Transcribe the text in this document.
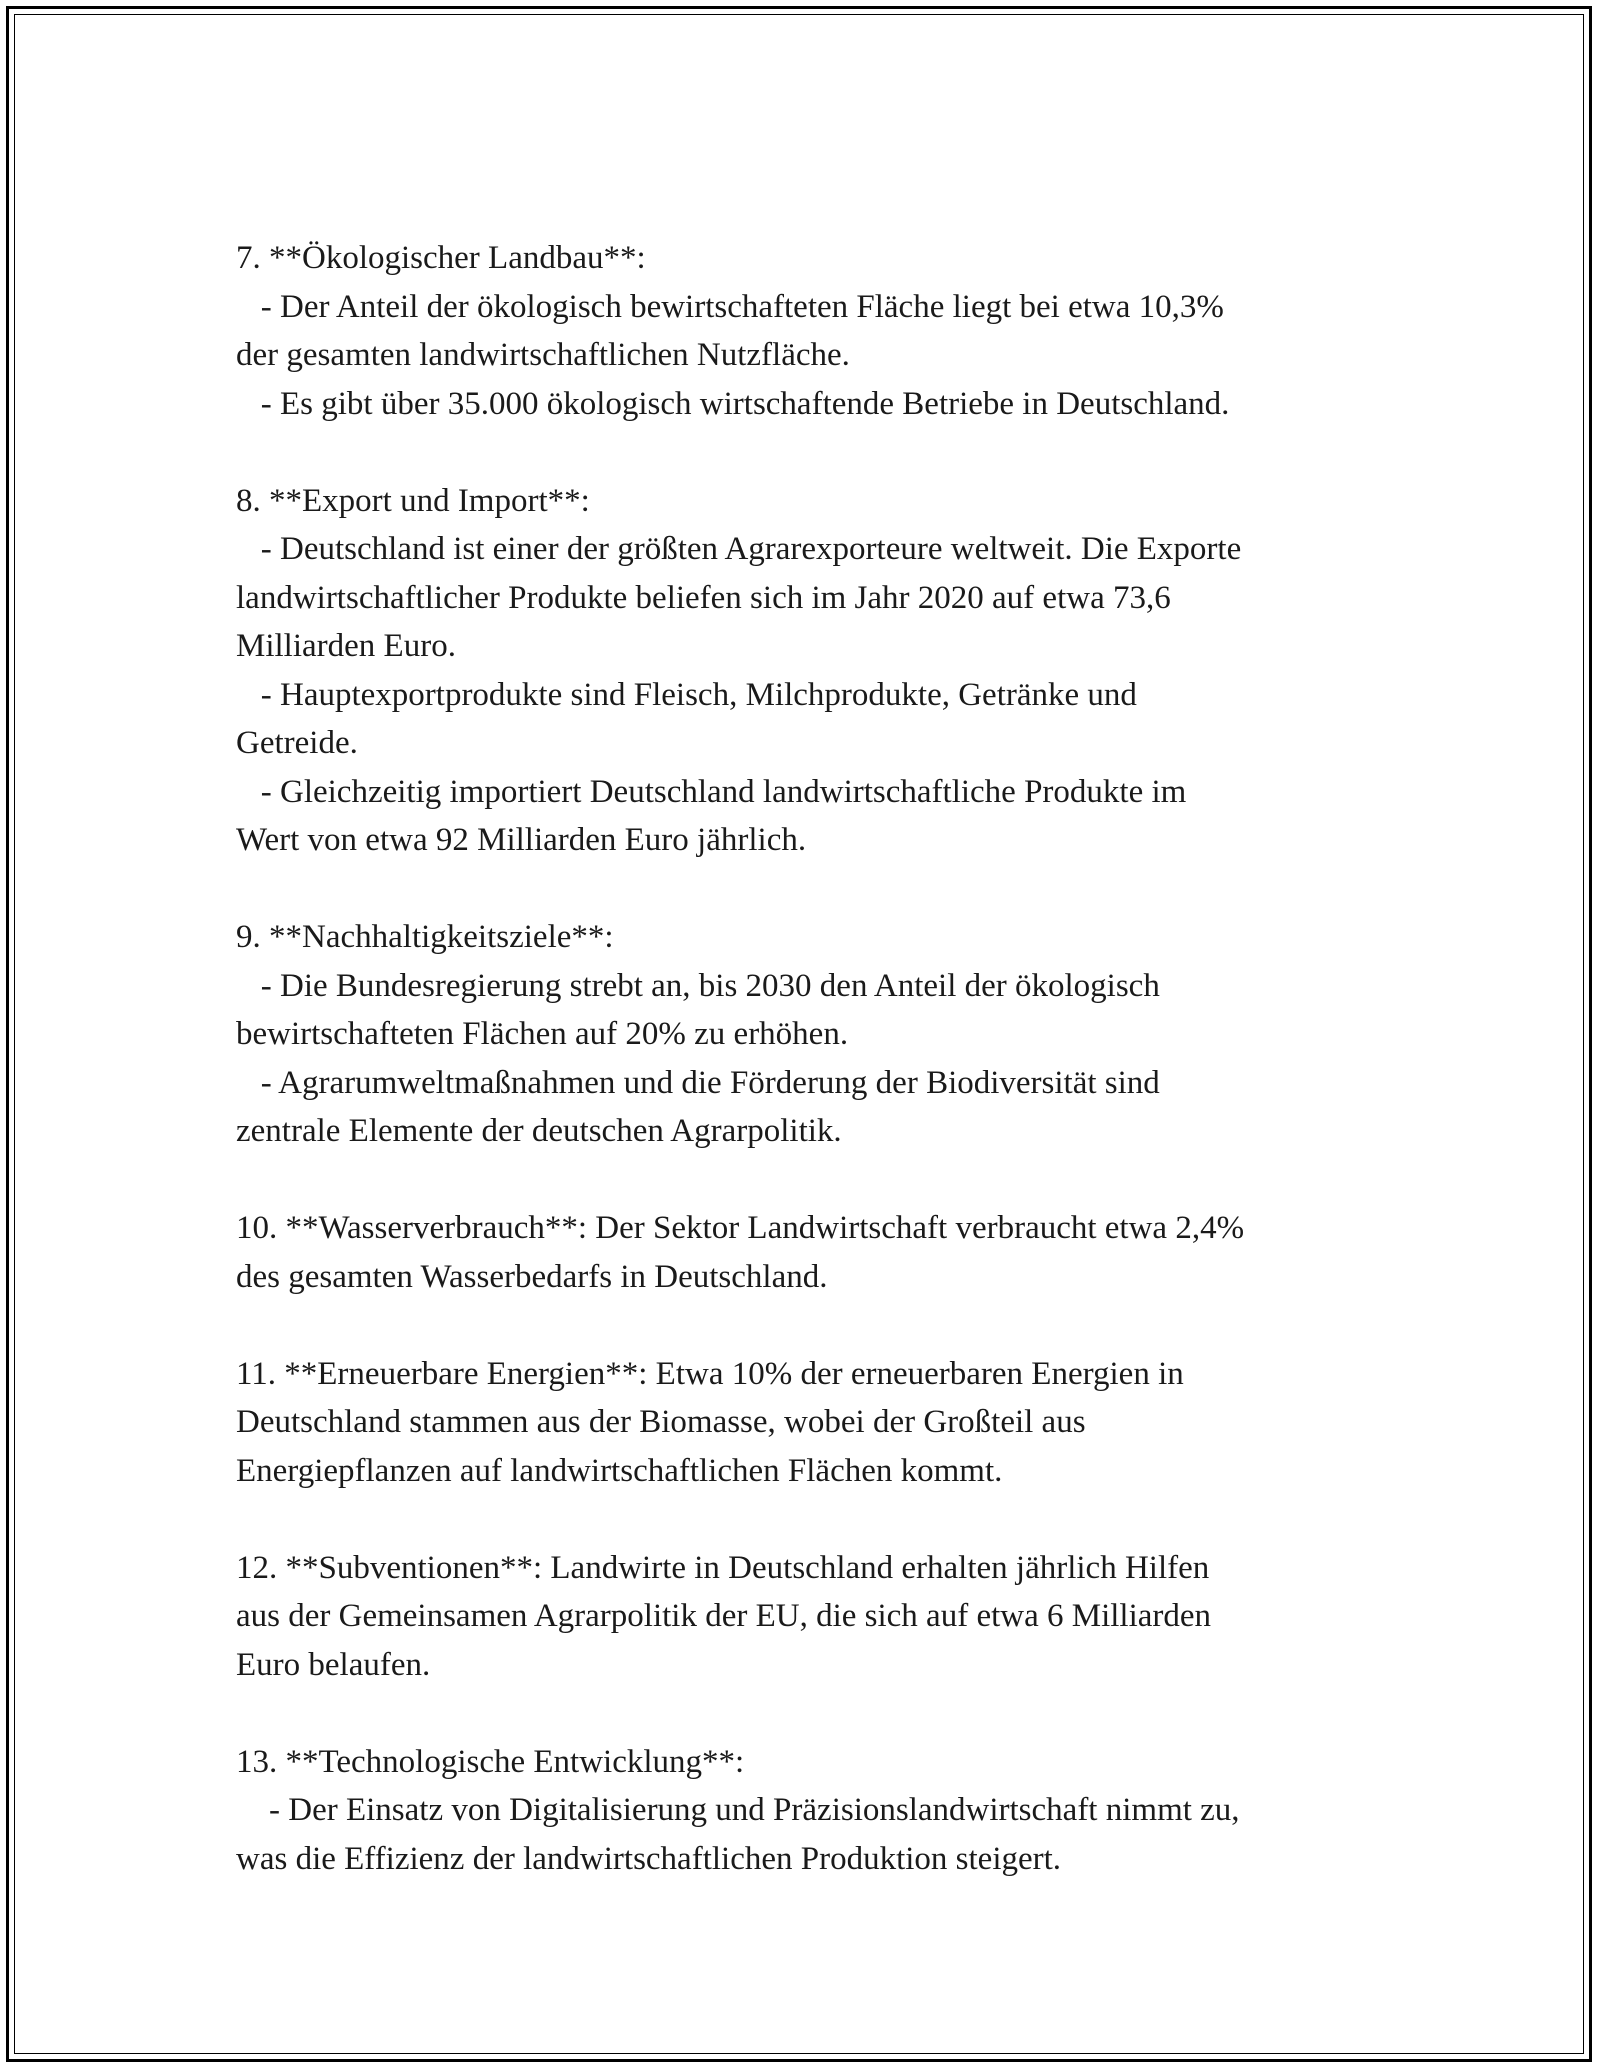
7. **Ökologischer Landbau**:
- Der Anteil der ökologisch bewirtschafteten Fläche liegt bei etwa 10,3%
der gesamten landwirtschaftlichen Nutzfläche.
- Es gibt über 35.000 ökologisch wirtschaftende Betriebe in Deutschland.
8. **Export und Import**:
- Deutschland ist einer der größten Agrarexporteure weltweit. Die Exporte
landwirtschaftlicher Produkte beliefen sich im Jahr 2020 auf etwa 73,6
Milliarden Euro.
- Hauptexportprodukte sind Fleisch, Milchprodukte, Getränke und
Getreide.
- Gleichzeitig importiert Deutschland landwirtschaftliche Produkte im
Wert von etwa 92 Milliarden Euro jährlich.
9. **Nachhaltigkeitsziele**:
- Die Bundesregierung strebt an, bis 2030 den Anteil der ökologisch
bewirtschafteten Flächen auf 20% zu erhöhen.
- Agrarumweltmaßnahmen und die Förderung der Biodiversität sind
zentrale Elemente der deutschen Agrarpolitik.
10. **Wasserverbrauch**: Der Sektor Landwirtschaft verbraucht etwa 2,4%
des gesamten Wasserbedarfs in Deutschland.
11. **Erneuerbare Energien**: Etwa 10% der erneuerbaren Energien in
Deutschland stammen aus der Biomasse, wobei der Großteil aus
Energiepflanzen auf landwirtschaftlichen Flächen kommt.
12. **Subventionen**: Landwirte in Deutschland erhalten jährlich Hilfen
aus der Gemeinsamen Agrarpolitik der EU, die sich auf etwa 6 Milliarden
Euro belaufen.
13. **Technologische Entwicklung**:
- Der Einsatz von Digitalisierung und Präzisionslandwirtschaft nimmt zu,
was die Effizienz der landwirtschaftlichen Produktion steigert.
